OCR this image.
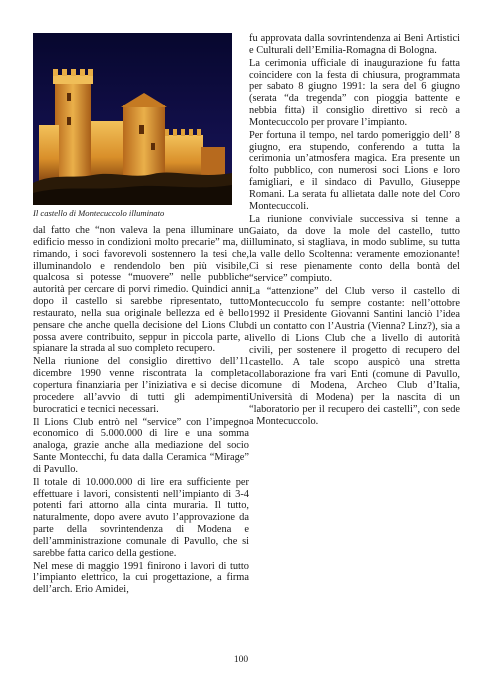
Il castello di Montecuccolo illuminato

dal fatto che “non valeva la pena illuminare un edificio messo in condizioni molto precarie” ma, di rimando, i soci favorevoli sostennero la tesi che, illuminandolo e rendendolo ben più visibile, qualcosa si potesse “muovere” nelle pubbliche autorità per cercare di porvi rimedio. Quindici anni dopo il castello si sarebbe ripresentato, tutto restaurato, nella sua originale bellezza ed è bello pensare che anche quella decisione del Lions Club possa avere contribuito, seppur in piccola parte, a spianare la strada al suo completo recupero.

Nella riunione del consiglio direttivo dell’11 dicembre 1990 venne riscontrata la completa copertura finanziaria per l’iniziativa e si decise di procedere all’avvio di tutti gli adempimenti burocratici e tecnici necessari.

Il Lions Club entrò nel “service” con l’impegno economico di 5.000.000 di lire e una somma analoga, grazie anche alla mediazione del socio Sante Montecchi, fu data dalla Ceramica “Mirage” di Pavullo.

Il totale di 10.000.000 di lire era sufficiente per effettuare i lavori, consistenti nell’impianto di 3-4 potenti fari attorno alla cinta muraria. Il tutto, naturalmente, dopo avere avuto l’approvazione da parte della sovrintendenza di Modena e dell’amministrazione comunale di Pavullo, che si sarebbe fatta carico della gestione.

Nel mese di maggio 1991 finirono i lavori di tutto l’impianto elettrico, la cui progettazione, a firma dell’arch. Erio Amidei,

fu approvata dalla sovrintendenza ai Beni Artistici e Culturali dell’Emilia-Romagna di Bologna.

La cerimonia ufficiale di inaugurazione fu fatta coincidere con la festa di chiusura, programmata per sabato 8 giugno 1991: la sera del 6 giugno (serata “da tregenda” con pioggia battente e nebbia fitta) il consiglio direttivo si recò a Montecuccolo per provare l’impianto.

Per fortuna il tempo, nel tardo pomeriggio dell’ 8 giugno, era stupendo, conferendo a tutta la cerimonia un’atmosfera magica. Era presente un folto pubblico, con numerosi soci Lions e loro famigliari, e il sindaco di Pavullo, Giuseppe Romani. La serata fu allietata dalle note del Coro Montecuccoli.

La riunione conviviale successiva si tenne a Gaiato, da dove la mole del castello, tutto illuminato, si stagliava, in modo sublime, su tutta la valle dello Scoltenna: veramente emozionante! Ci si rese pienamente conto della bontà del “service” compiuto.

La “attenzione” del Club verso il castello di Montecuccolo fu sempre costante: nell’ottobre 1992 il Presidente Giovanni Santini lanciò l’idea di un contatto con l’Austria (Vienna? Linz?), sia a livello di Lions Club che a livello di autorità civili, per sostenere il progetto di recupero del castello. A tale scopo auspicò una stretta collaborazione fra vari Enti (comune di Pavullo, comune di Modena, Archeo Club d’Italia, Università di Modena) per la nascita di un “laboratorio per il recupero dei castelli”, con sede a Montecuccolo.

100
